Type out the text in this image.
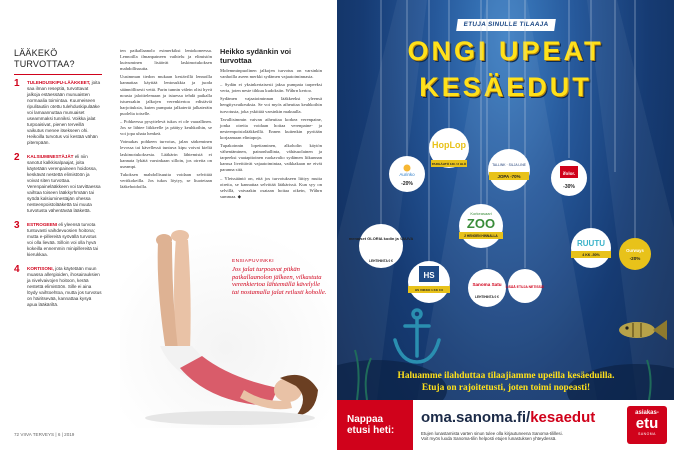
LÄÄKEKÖ
TURVOTTAA?
1 TULEHDUSKIPU-LÄÄKKEET, joita saa ilman reseptiä, turvottavat jalkoja estäessään munuaisten normaalia toimintaa. Kuumeiseen ripulitautiin otettu tulehduskipulääke voi lamaannuttaa munuaiset useammaksi tunniksi. Voikka jalat turpoaisivat, pienen terveillä vaikutus menee itsekseen ohi. Heikoilla turvotus voi kestää vähän pitempään.
2 KALSIUMINESTÄJÄT eli niin sanotut kalkkisalpaajat, joita käytetään verenpaineen hoidossa, keskävät nestettä elimistöön ja voivat siten turvottaa. Verenpainelääkkeen voi tarvittaessa vaihtaa toiseen lääkkyrhmään tai syödä kalsiuminestäjän ohessa nesteenpoistolääkettä tai muuta turvotusta vähentävää lääkettä.
3 ESTROGEENI eli yleensä turvota tuntuvasti vaihdevuosien hoitona; mutta e-pillereitä syövällä turvotus voi olla lievää. Silloin voi olla hyvä kokeilla ennemmin minipillereitä tai kierukkaa.
4 KORTISONI, jota käytetään muun muassa allergioiden, ihosairauksien ja nivelvaivojen hoitoon, kerää nestettä elimistöön. Sille ei aina löydy vaihtoehtoa, mutta jos turvotus on häiritsevää, kannattaa kysyä apua lääkäriltä.

ten paikallaanolo esimerkiksi lentokoneessa. Lennoilla ilmanpaineen vaihtelu ja elimistön kuivuminen lisäävät laskimotukoksen mahdollisuutta.

Uusimman tiedon mukaan kestävillä lennoilla kannattaa käyttää lentosukkia ja juoda säännöllisesti vettä. Parin tunnin välein olisi hyvä nousta jaloittelemaan ja istuessa tehdä paikalla istuessakin jalkojen verenkiertoa edistäviä harjoituksia, kuten pumpata jalkateriä jalkateräin puolelta toiselle.

– Pohkeessa pysyttelevä tukos ei ole vaarallinen. Jos se lähtee liikkeelle ja päätyy keuhkoihin, se voi jopa uhata henkeä.

Voimakas pohkeen turvotus, jalan särkeminen levossa tai kävellessä tuntuva kipu voivat kieliä laskimotukoksesta. Lääkärin lähtemistä ei kannata lykätä varsinkaan silloin, jos oireita on useampi.

Tukoksen mahdollisuutta voidaan selvittää veritkokeilla. Jos tukos löytyy, se liuotetaan lääkehoidoilla.

Heikko sydänkin voi turvottaa

Molemminpuolinen jalkojen turvotus on varsinkin vanhoilla aseen merkki sydämen vajaatoiminnasta.

– Sydän ei yksinkertaisesti jaksa pumpata tarpeeksi verta, joten neste tihkuu kudoksiin. Wåhrn kertoo.

Sydämen vajaatoiminnan lääkkeeksi yleensä hengitysvaikeuksia. Se voi myös aiheuttaa keuhkoihin turvotusta, joka yskittää varsinkin makuulla.

Tavallisimmin vaivan aiheuttaa korkea verenpaine, jonka oireita voidaan hoitaa verenpaine- ja nesteenpoistolääkkeillä. Ennen kuitenkin pyritään korjaamaan elintapoja.

Tupakoinnin lopettaminen, alkoholin käytön vähentäminen, painonhallinta, vähäsuolainen ja tarpeeksi vaatapitoinen ruokavalio sydämen liikunnan kanssa liveittävät vajaatoimintaa, vaikkakaan ne eivät paranna sitä.

– Yleissääntö on, että jos turvotukseen liittyy muita oireita, se kannattaa selvittää lääkärissä. Kun syy on selvillä, vaivaakin osataan hoitaa oikein, Wåhrn summaa. ◆

ENSIAPUVINKKI
Jos jalat turpoavat pitkän paikallaanolon jälkeen, vilkastuta verenkiertoa lähtemällä kävelylle tai nostamalla jalat reilusti koholle.
72 VIIVA TERVEYS | 6 | 2019
ETUJA SINULLE TILAAJA
ONGI UPEAT
KESÄEDUT
Aurinko
-20%
HopLop
PARILÄHTÖ 12€ / 2 HLÖ	TALLINK · SILJA LINE
JOPA -70%
ifolor.
-30%
Korkeasaari
ZOO
2 HENGEN HINNALLA
RUUTU
4 KK -50%
Ourways
-20%
menaiset GLORIA kodin ja VAUVA
LEHTIHINTA 0 €
HS
HS VIIKKO 1 KK 0 €
Sanoma Satu
LEHTIHINTA 0 €
LISÄÄ ETUJA NETISSÄ!
Haluamme ilahduttaa tilaajiamme upeilla kesäeduilla.
Etuja on rajoitetusti, joten toimi nopeasti!
Nappaa
etusi heti:
oma.sanoma.fi/kesaedut
Etujen lunastamista varten sinun tulee olla kirjautuneena Sanoma-tilillesi.
Voit myös luoda Sanoma-tilin helposti etujen lunastuksen yhteydessä.
asiakas-
etu
SANOMA
